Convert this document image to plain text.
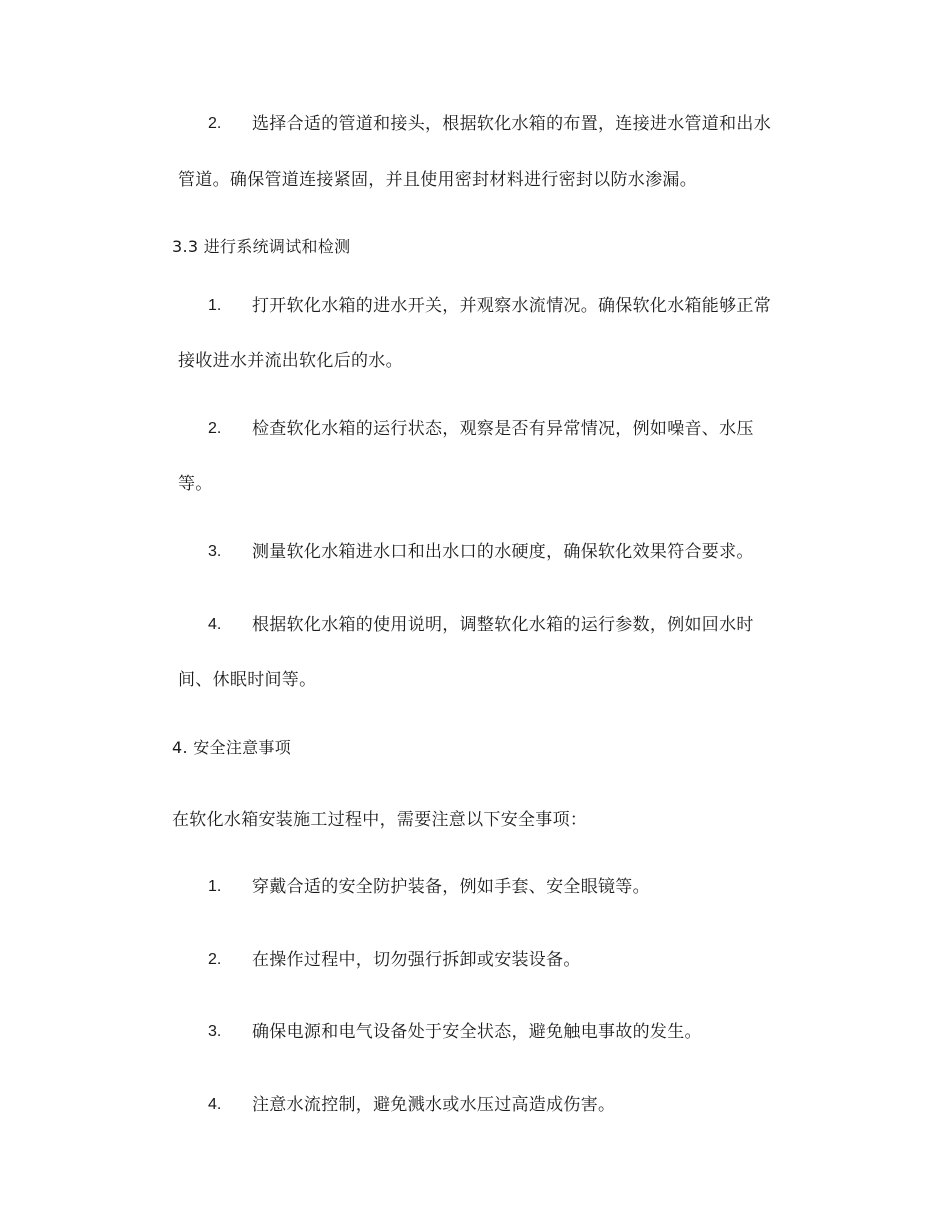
2. 选择合适的管道和接头，根据软化水箱的布置，连接进水管道和出水
管道。确保管道连接紧固，并且使用密封材料进行密封以防水渗漏。
3.3 进行系统调试和检测
1. 打开软化水箱的进水开关，并观察水流情况。确保软化水箱能够正常
接收进水并流出软化后的水。
2. 检查软化水箱的运行状态，观察是否有异常情况，例如噪音、水压
等。
3. 测量软化水箱进水口和出水口的水硬度，确保软化效果符合要求。
4. 根据软化水箱的使用说明，调整软化水箱的运行参数，例如回水时
间、休眠时间等。
4. 安全注意事项
在软化水箱安装施工过程中，需要注意以下安全事项：
1. 穿戴合适的安全防护装备，例如手套、安全眼镜等。
2. 在操作过程中，切勿强行拆卸或安装设备。
3. 确保电源和电气设备处于安全状态，避免触电事故的发生。
4. 注意水流控制，避免溅水或水压过高造成伤害。
